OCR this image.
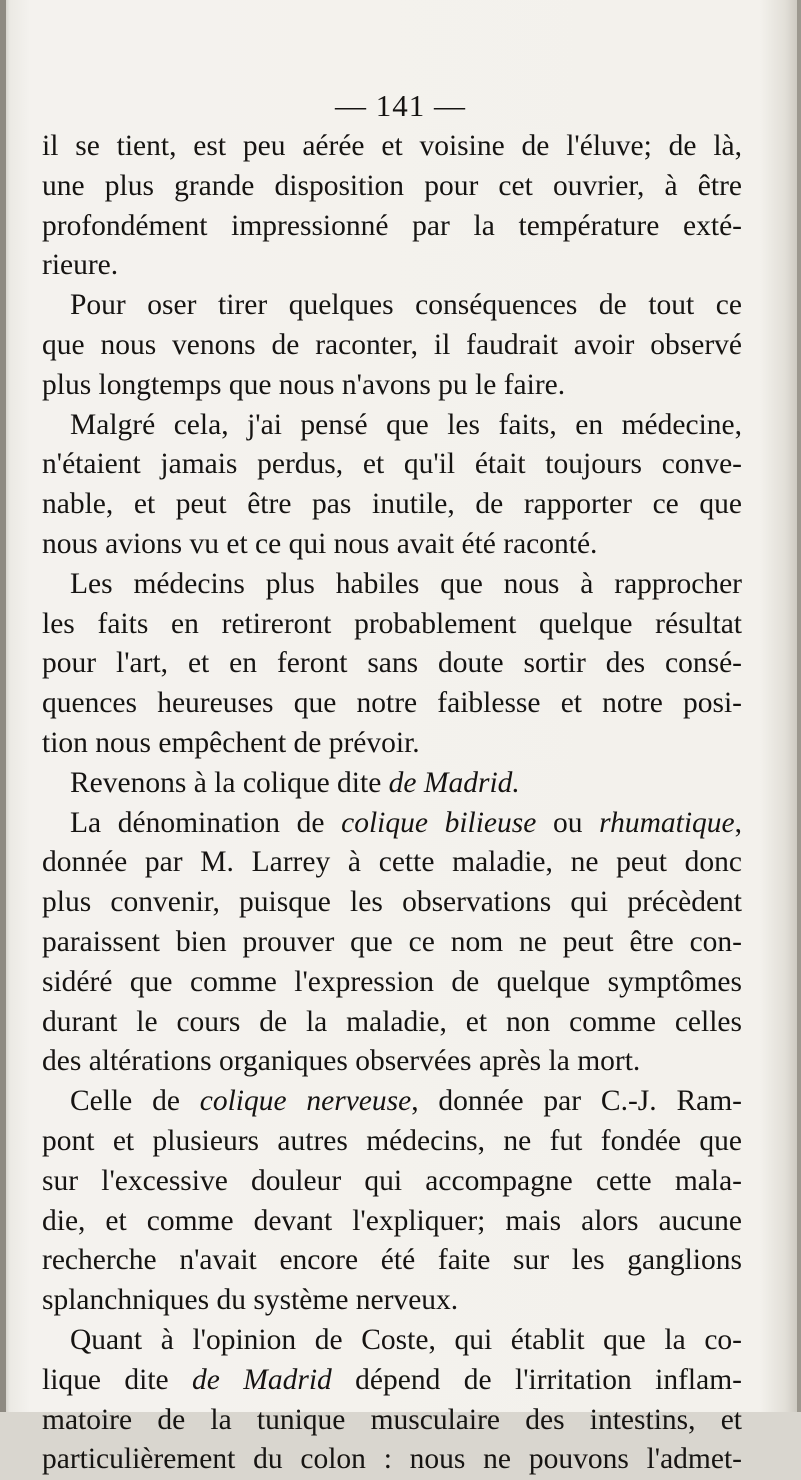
— 141 —
il se tient, est peu aérée et voisine de l'éluve; de là,
une plus grande disposition pour cet ouvrier, à être
profondément impressionné par la température exté-
rieure.
Pour oser tirer quelques conséquences de tout ce
que nous venons de raconter, il faudrait avoir observé
plus longtemps que nous n'avons pu le faire.
Malgré cela, j'ai pensé que les faits, en médecine,
n'étaient jamais perdus, et qu'il était toujours conve-
nable, et peut être pas inutile, de rapporter ce que
nous avions vu et ce qui nous avait été raconté.
Les médecins plus habiles que nous à rapprocher
les faits en retireront probablement quelque résultat
pour l'art, et en feront sans doute sortir des consé-
quences heureuses que notre faiblesse et notre posi-
tion nous empêchent de prévoir.
Revenons à la colique dite de Madrid.
La dénomination de colique bilieuse ou rhumatique,
donnée par M. Larrey à cette maladie, ne peut donc
plus convenir, puisque les observations qui précèdent
paraissent bien prouver que ce nom ne peut être con-
sidéré que comme l'expression de quelque symptômes
durant le cours de la maladie, et non comme celles
des altérations organiques observées après la mort.
Celle de colique nerveuse, donnée par C.-J. Ram-
pont et plusieurs autres médecins, ne fut fondée que
sur l'excessive douleur qui accompagne cette mala-
die, et comme devant l'expliquer; mais alors aucune
recherche n'avait encore été faite sur les ganglions
splanchniques du système nerveux.
Quant à l'opinion de Coste, qui établit que la co-
lique dite de Madrid dépend de l'irritation inflam-
matoire de la tunique musculaire des intestins, et
particulièrement du colon : nous ne pouvons l'admet-
